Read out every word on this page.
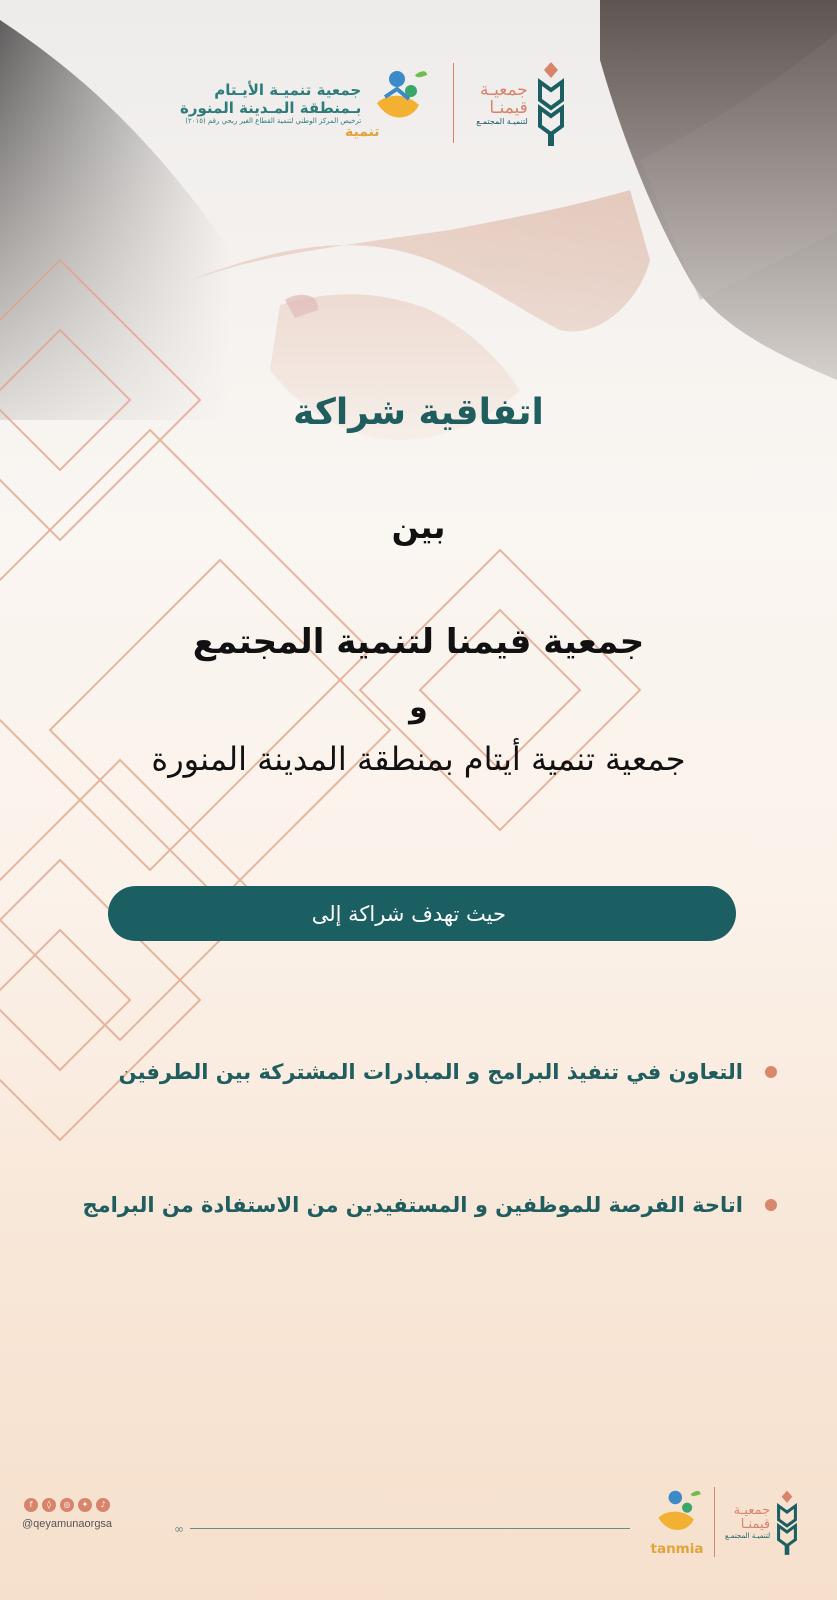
جمعية تنميـة الأيـتام
بـمنطقة المـدينة المنورة
ترخيص المركز الوطني لتنمية القطاع الغير ربحي رقم (٢٠١٥)
تنمية
جمعيـة
قيمنـا
لتنميـة المجتمـع
اتفاقية شراكة
بين
جمعية قيمنا لتنمية المجتمع
و
جمعية تنمية أيتام بمنطقة المدينة المنورة
حيث تهدف شراكة إلى
التعاون في تنفيذ البرامج و المبادرات المشتركة بين الطرفين
اتاحة الفرصة للموظفين و المستفيدين من الاستفادة من البرامج
f	◊	◎	✦	♪
@qeyamunaorgsa	∞
tanmia
جمعيـة
قيمنـا
لتنميـة المجتمـع
